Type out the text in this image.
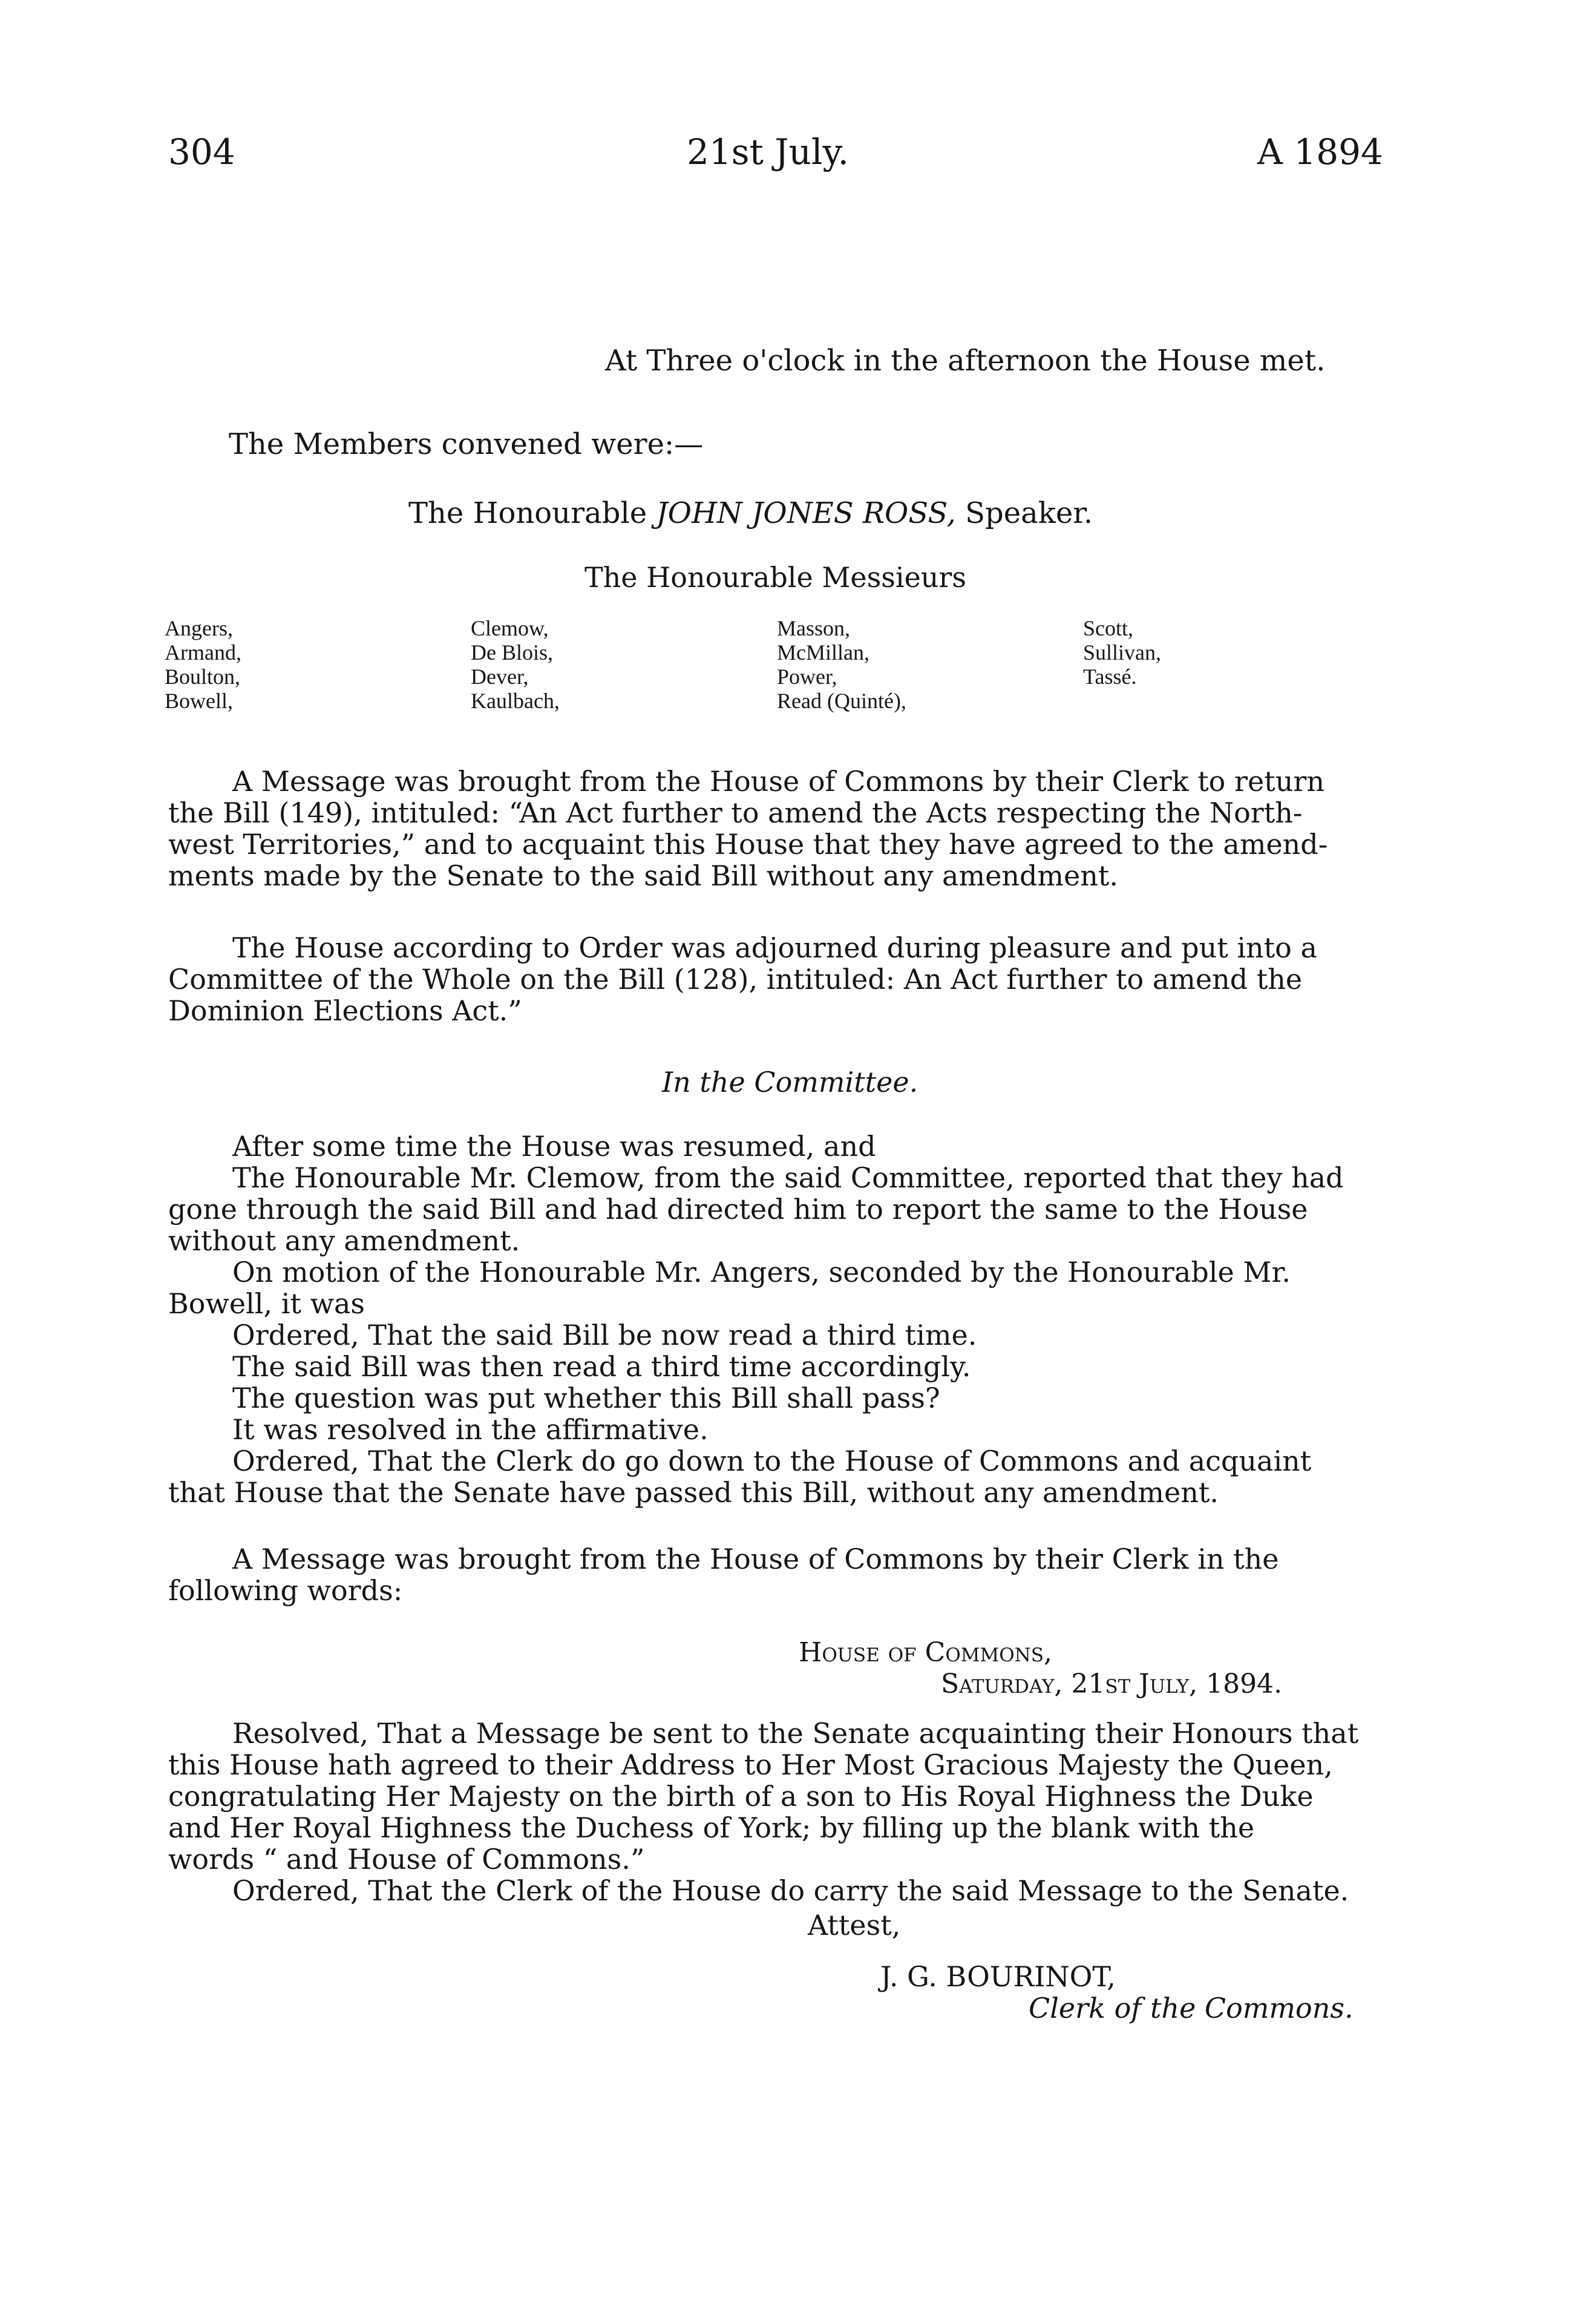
304	21st July.	A 1894
At Three o'clock in the afternoon the House met.
The Members convened were:—
The Honourable JOHN JONES ROSS, Speaker.
The Honourable Messieurs
Angers,
Armand,
Boulton,
Bowell,
Clemow,
De Blois,
Dever,
Kaulbach,
Masson,
McMillan,
Power,
Read (Quinté),
Scott,
Sullivan,
Tassé.
A Message was brought from the House of Commons by their Clerk to return
the Bill (149), intituled: “An Act further to amend the Acts respecting the North-
west Territories,” and to acquaint this House that they have agreed to the amend-
ments made by the Senate to the said Bill without any amendment.
The House according to Order was adjourned during pleasure and put into a
Committee of the Whole on the Bill (128), intituled: An Act further to amend the
Dominion Elections Act.”
In the Committee.
After some time the House was resumed, and
The Honourable Mr. Clemow, from the said Committee, reported that they had
gone through the said Bill and had directed him to report the same to the House
without any amendment.
On motion of the Honourable Mr. Angers, seconded by the Honourable Mr.
Bowell, it was
Ordered, That the said Bill be now read a third time.
The said Bill was then read a third time accordingly.
The question was put whether this Bill shall pass?
It was resolved in the affirmative.
Ordered, That the Clerk do go down to the House of Commons and acquaint
that House that the Senate have passed this Bill, without any amendment.
A Message was brought from the House of Commons by their Clerk in the
following words:
House of Commons,
Saturday, 21st July, 1894.
Resolved, That a Message be sent to the Senate acquainting their Honours that
this House hath agreed to their Address to Her Most Gracious Majesty the Queen,
congratulating Her Majesty on the birth of a son to His Royal Highness the Duke
and Her Royal Highness the Duchess of York; by filling up the blank with the
words “ and House of Commons.”
Ordered, That the Clerk of the House do carry the said Message to the Senate.
Attest,
J. G. BOURINOT,
Clerk of the Commons.
